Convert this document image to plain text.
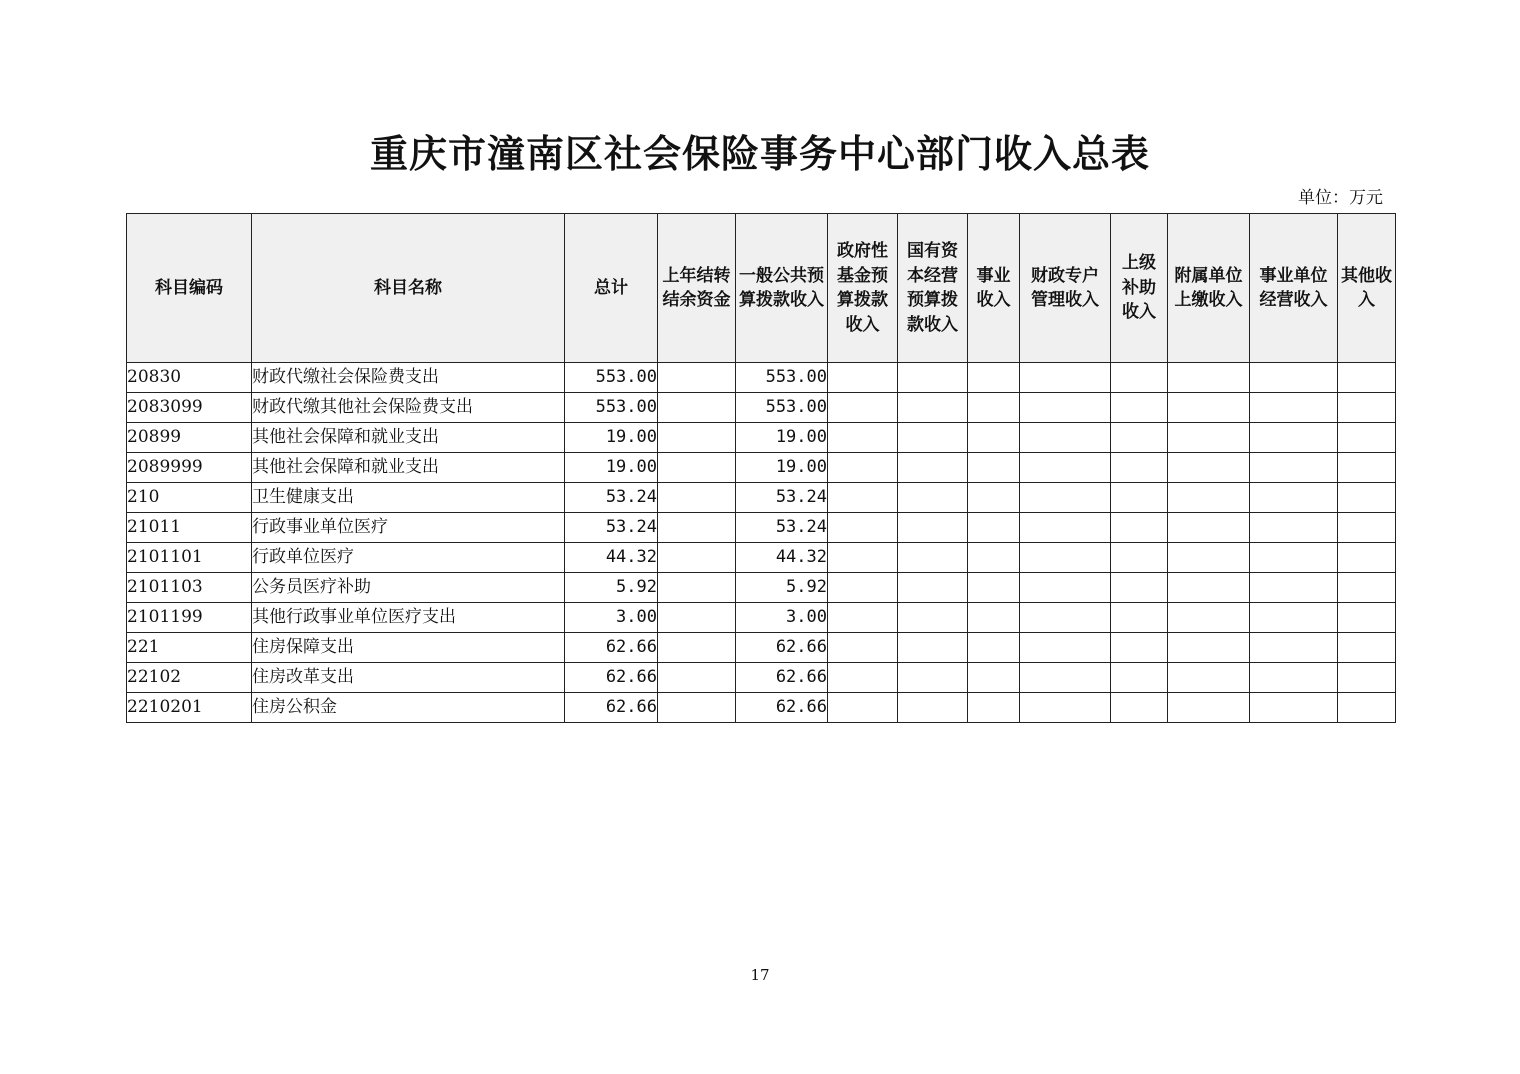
重庆市潼南区社会保险事务中心部门收入总表
单位：万元
科目编码	科目名称	总计	上年结转结余资金	一般公共预算拨款收入	政府性基金预算拨款收入	国有资本经营预算拨款收入	事业收入	财政专户管理收入	上级补助收入	附属单位上缴收入	事业单位经营收入	其他收入
20830	财政代缴社会保险费支出	553.00		553.00								
2083099	财政代缴其他社会保险费支出	553.00		553.00								
20899	其他社会保障和就业支出	19.00		19.00								
2089999	其他社会保障和就业支出	19.00		19.00								
210	卫生健康支出	53.24		53.24								
21011	行政事业单位医疗	53.24		53.24								
2101101	行政单位医疗	44.32		44.32								
2101103	公务员医疗补助	5.92		5.92								
2101199	其他行政事业单位医疗支出	3.00		3.00								
221	住房保障支出	62.66		62.66								
22102	住房改革支出	62.66		62.66								
2210201	住房公积金	62.66		62.66								
17
